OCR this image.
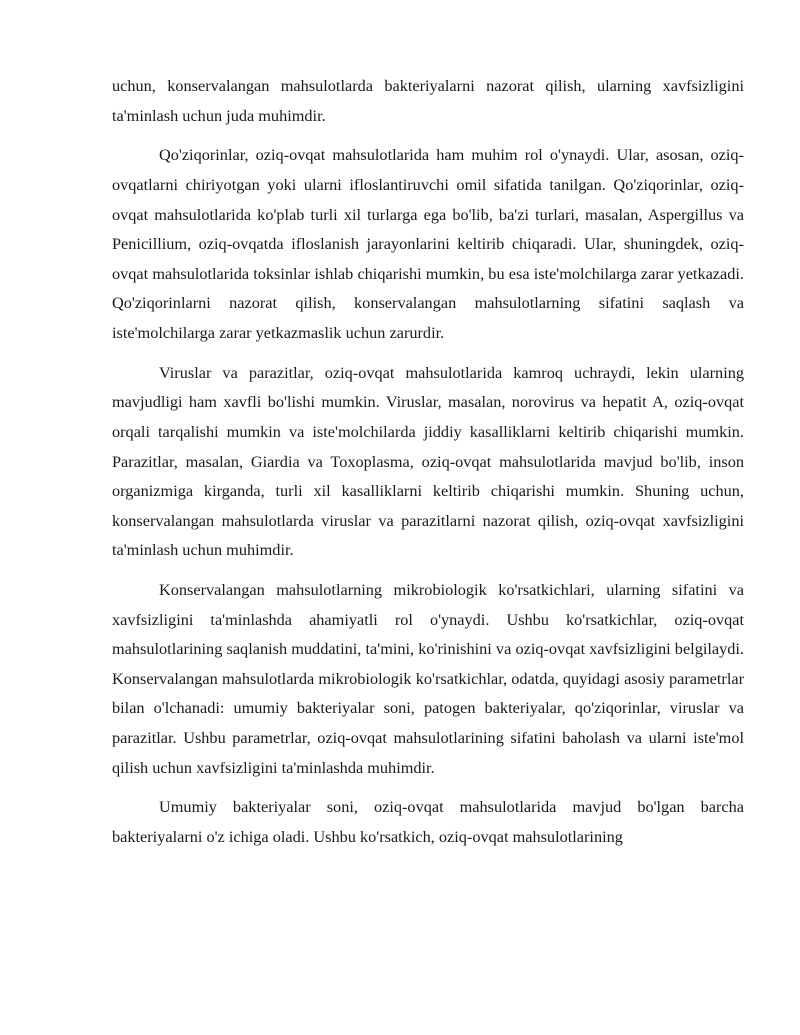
uchun, konservalangan mahsulotlarda bakteriyalarni nazorat qilish, ularning xavfsizligini ta'minlash uchun juda muhimdir.

Qo'ziqorinlar, oziq-ovqat mahsulotlarida ham muhim rol o'ynaydi. Ular, asosan, oziq-ovqatlarni chiriyotgan yoki ularni ifloslantiruvchi omil sifatida tanilgan. Qo'ziqorinlar, oziq-ovqat mahsulotlarida ko'plab turli xil turlarga ega bo'lib, ba'zi turlari, masalan, Aspergillus va Penicillium, oziq-ovqatda ifloslanish jarayonlarini keltirib chiqaradi. Ular, shuningdek, oziq-ovqat mahsulotlarida toksinlar ishlab chiqarishi mumkin, bu esa iste'molchilarga zarar yetkazadi. Qo'ziqorinlarni nazorat qilish, konservalangan mahsulotlarning sifatini saqlash va iste'molchilarga zarar yetkazmaslik uchun zarurdir.

Viruslar va parazitlar, oziq-ovqat mahsulotlarida kamroq uchraydi, lekin ularning mavjudligi ham xavfli bo'lishi mumkin. Viruslar, masalan, norovirus va hepatit A, oziq-ovqat orqali tarqalishi mumkin va iste'molchilarda jiddiy kasalliklarni keltirib chiqarishi mumkin. Parazitlar, masalan, Giardia va Toxoplasma, oziq-ovqat mahsulotlarida mavjud bo'lib, inson organizmiga kirganda, turli xil kasalliklarni keltirib chiqarishi mumkin. Shuning uchun, konservalangan mahsulotlarda viruslar va parazitlarni nazorat qilish, oziq-ovqat xavfsizligini ta'minlash uchun muhimdir.

Konservalangan mahsulotlarning mikrobiologik ko'rsatkichlari, ularning sifatini va xavfsizligini ta'minlashda ahamiyatli rol o'ynaydi. Ushbu ko'rsatkichlar, oziq-ovqat mahsulotlarining saqlanish muddatini, ta'mini, ko'rinishini va oziq-ovqat xavfsizligini belgilaydi. Konservalangan mahsulotlarda mikrobiologik ko'rsatkichlar, odatda, quyidagi asosiy parametrlar bilan o'lchanadi: umumiy bakteriyalar soni, patogen bakteriyalar, qo'ziqorinlar, viruslar va parazitlar. Ushbu parametrlar, oziq-ovqat mahsulotlarining sifatini baholash va ularni iste'mol qilish uchun xavfsizligini ta'minlashda muhimdir.

Umumiy bakteriyalar soni, oziq-ovqat mahsulotlarida mavjud bo'lgan barcha bakteriyalarni o'z ichiga oladi. Ushbu ko'rsatkich, oziq-ovqat mahsulotlarining
